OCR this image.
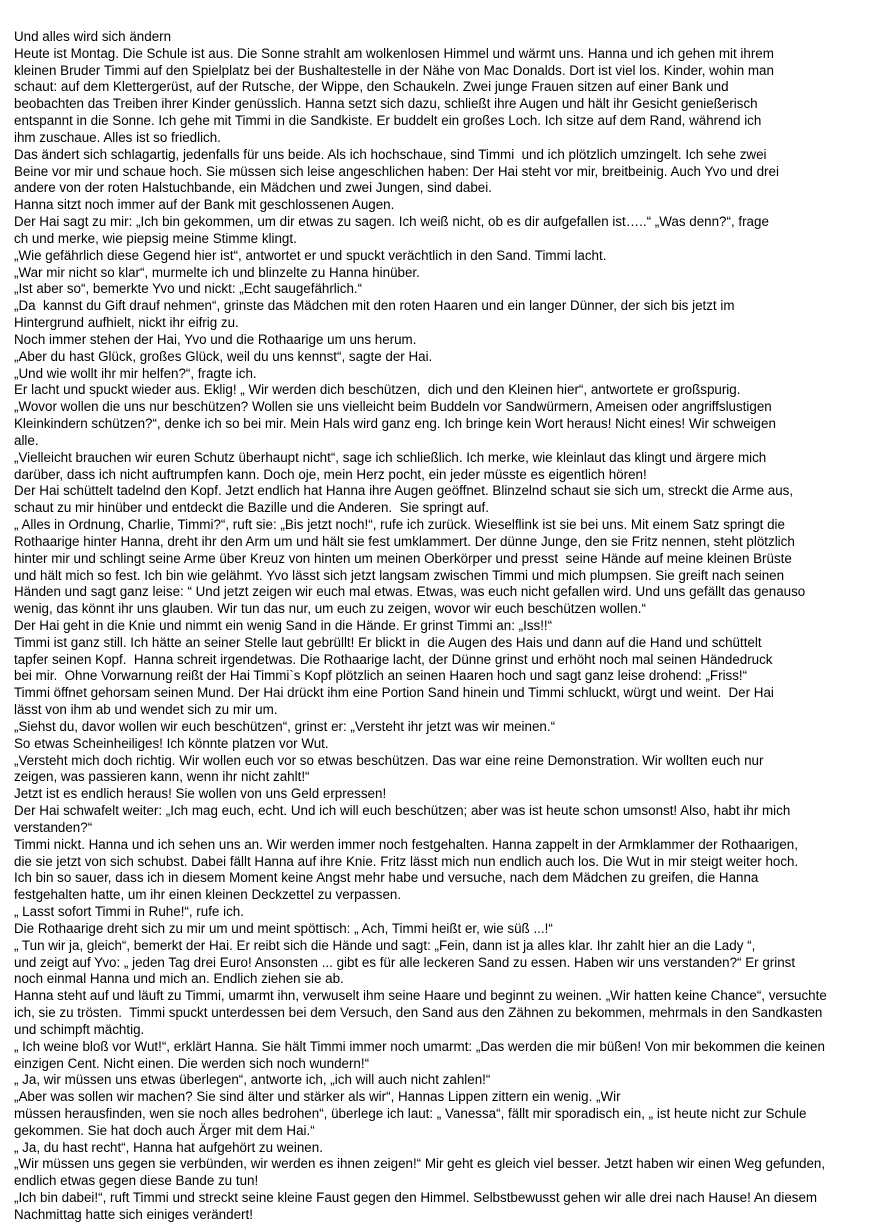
Und alles wird sich ändern
Heute ist Montag. Die Schule ist aus. Die Sonne strahlt am wolkenlosen Himmel und wärmt uns. Hanna und ich gehen mit ihrem
kleinen Bruder Timmi auf den Spielplatz bei der Bushaltestelle in der Nähe von Mac Donalds. Dort ist viel los. Kinder, wohin man
schaut: auf dem Klettergerüst, auf der Rutsche, der Wippe, den Schaukeln. Zwei junge Frauen sitzen auf einer Bank und
beobachten das Treiben ihrer Kinder genüsslich. Hanna setzt sich dazu, schließt ihre Augen und hält ihr Gesicht genießerisch
entspannt in die Sonne. Ich gehe mit Timmi in die Sandkiste. Er buddelt ein großes Loch. Ich sitze auf dem Rand, während ich
ihm zuschaue. Alles ist so friedlich.
Das ändert sich schlagartig, jedenfalls für uns beide. Als ich hochschaue, sind Timmi  und ich plötzlich umzingelt. Ich sehe zwei
Beine vor mir und schaue hoch. Sie müssen sich leise angeschlichen haben: Der Hai steht vor mir, breitbeinig. Auch Yvo und drei
andere von der roten Halstuchbande, ein Mädchen und zwei Jungen, sind dabei.
Hanna sitzt noch immer auf der Bank mit geschlossenen Augen.
Der Hai sagt zu mir: „Ich bin gekommen, um dir etwas zu sagen. Ich weiß nicht, ob es dir aufgefallen ist…..“ „Was denn?“, frage
ch und merke, wie piepsig meine Stimme klingt.
„Wie gefährlich diese Gegend hier ist“, antwortet er und spuckt verächtlich in den Sand. Timmi lacht.
„War mir nicht so klar“, murmelte ich und blinzelte zu Hanna hinüber.
„Ist aber so“, bemerkte Yvo und nickt: „Echt saugefährlich.“
„Da  kannst du Gift drauf nehmen“, grinste das Mädchen mit den roten Haaren und ein langer Dünner, der sich bis jetzt im
Hintergrund aufhielt, nickt ihr eifrig zu.
Noch immer stehen der Hai, Yvo und die Rothaarige um uns herum.
„Aber du hast Glück, großes Glück, weil du uns kennst“, sagte der Hai.
„Und wie wollt ihr mir helfen?“, fragte ich.
Er lacht und spuckt wieder aus. Eklig! „ Wir werden dich beschützen,  dich und den Kleinen hier“, antwortete er großspurig.
„Wovor wollen die uns nur beschützen? Wollen sie uns vielleicht beim Buddeln vor Sandwürmern, Ameisen oder angriffslustigen
Kleinkindern schützen?“, denke ich so bei mir. Mein Hals wird ganz eng. Ich bringe kein Wort heraus! Nicht eines! Wir schweigen
alle.
„Vielleicht brauchen wir euren Schutz überhaupt nicht“, sage ich schließlich. Ich merke, wie kleinlaut das klingt und ärgere mich
darüber, dass ich nicht auftrumpfen kann. Doch oje, mein Herz pocht, ein jeder müsste es eigentlich hören!
Der Hai schüttelt tadelnd den Kopf. Jetzt endlich hat Hanna ihre Augen geöffnet. Blinzelnd schaut sie sich um, streckt die Arme aus,
schaut zu mir hinüber und entdeckt die Bazille und die Anderen.  Sie springt auf.
„ Alles in Ordnung, Charlie, Timmi?“, ruft sie: „Bis jetzt noch!“, rufe ich zurück. Wieselflink ist sie bei uns. Mit einem Satz springt die
Rothaarige hinter Hanna, dreht ihr den Arm um und hält sie fest umklammert. Der dünne Junge, den sie Fritz nennen, steht plötzlich
hinter mir und schlingt seine Arme über Kreuz von hinten um meinen Oberkörper und presst  seine Hände auf meine kleinen Brüste
und hält mich so fest. Ich bin wie gelähmt. Yvo lässt sich jetzt langsam zwischen Timmi und mich plumpsen. Sie greift nach seinen
Händen und sagt ganz leise: “ Und jetzt zeigen wir euch mal etwas. Etwas, was euch nicht gefallen wird. Und uns gefällt das genauso
wenig, das könnt ihr uns glauben. Wir tun das nur, um euch zu zeigen, wovor wir euch beschützen wollen.“
Der Hai geht in die Knie und nimmt ein wenig Sand in die Hände. Er grinst Timmi an: „Iss!!“
Timmi ist ganz still. Ich hätte an seiner Stelle laut gebrüllt! Er blickt in  die Augen des Hais und dann auf die Hand und schüttelt
tapfer seinen Kopf.  Hanna schreit irgendetwas. Die Rothaarige lacht, der Dünne grinst und erhöht noch mal seinen Händedruck
bei mir.  Ohne Vorwarnung reißt der Hai Timmi`s Kopf plötzlich an seinen Haaren hoch und sagt ganz leise drohend: „Friss!“
Timmi öffnet gehorsam seinen Mund. Der Hai drückt ihm eine Portion Sand hinein und Timmi schluckt, würgt und weint.  Der Hai
lässt von ihm ab und wendet sich zu mir um.
„Siehst du, davor wollen wir euch beschützen“, grinst er: „Versteht ihr jetzt was wir meinen.“
So etwas Scheinheiliges! Ich könnte platzen vor Wut.
„Versteht mich doch richtig. Wir wollen euch vor so etwas beschützen. Das war eine reine Demonstration. Wir wollten euch nur
zeigen, was passieren kann, wenn ihr nicht zahlt!“
Jetzt ist es endlich heraus! Sie wollen von uns Geld erpressen!
Der Hai schwafelt weiter: „Ich mag euch, echt. Und ich will euch beschützen; aber was ist heute schon umsonst! Also, habt ihr mich
verstanden?“
Timmi nickt. Hanna und ich sehen uns an. Wir werden immer noch festgehalten. Hanna zappelt in der Armklammer der Rothaarigen,
die sie jetzt von sich schubst. Dabei fällt Hanna auf ihre Knie. Fritz lässt mich nun endlich auch los. Die Wut in mir steigt weiter hoch.
Ich bin so sauer, dass ich in diesem Moment keine Angst mehr habe und versuche, nach dem Mädchen zu greifen, die Hanna
festgehalten hatte, um ihr einen kleinen Deckzettel zu verpassen.
„ Lasst sofort Timmi in Ruhe!“, rufe ich.
Die Rothaarige dreht sich zu mir um und meint spöttisch: „ Ach, Timmi heißt er, wie süß ...!“
„ Tun wir ja, gleich“, bemerkt der Hai. Er reibt sich die Hände und sagt: „Fein, dann ist ja alles klar. Ihr zahlt hier an die Lady “,
und zeigt auf Yvo: „ jeden Tag drei Euro! Ansonsten ... gibt es für alle leckeren Sand zu essen. Haben wir uns verstanden?“ Er grinst
noch einmal Hanna und mich an. Endlich ziehen sie ab.
Hanna steht auf und läuft zu Timmi, umarmt ihn, verwuselt ihm seine Haare und beginnt zu weinen. „Wir hatten keine Chance“, versuchte
ich, sie zu trösten.  Timmi spuckt unterdessen bei dem Versuch, den Sand aus den Zähnen zu bekommen, mehrmals in den Sandkasten
und schimpft mächtig.
„ Ich weine bloß vor Wut!“, erklärt Hanna. Sie hält Timmi immer noch umarmt: „Das werden die mir büßen! Von mir bekommen die keinen
einzigen Cent. Nicht einen. Die werden sich noch wundern!“
„ Ja, wir müssen uns etwas überlegen“, antworte ich, „ich will auch nicht zahlen!“
„Aber was sollen wir machen? Sie sind älter und stärker als wir“, Hannas Lippen zittern ein wenig. „Wir
müssen herausfinden, wen sie noch alles bedrohen“, überlege ich laut: „ Vanessa“, fällt mir sporadisch ein, „ ist heute nicht zur Schule
gekommen. Sie hat doch auch Ärger mit dem Hai.“
„ Ja, du hast recht“, Hanna hat aufgehört zu weinen.
„Wir müssen uns gegen sie verbünden, wir werden es ihnen zeigen!“ Mir geht es gleich viel besser. Jetzt haben wir einen Weg gefunden,
endlich etwas gegen diese Bande zu tun!
„Ich bin dabei!“, ruft Timmi und streckt seine kleine Faust gegen den Himmel. Selbstbewusst gehen wir alle drei nach Hause! An diesem
Nachmittag hatte sich einiges verändert!
